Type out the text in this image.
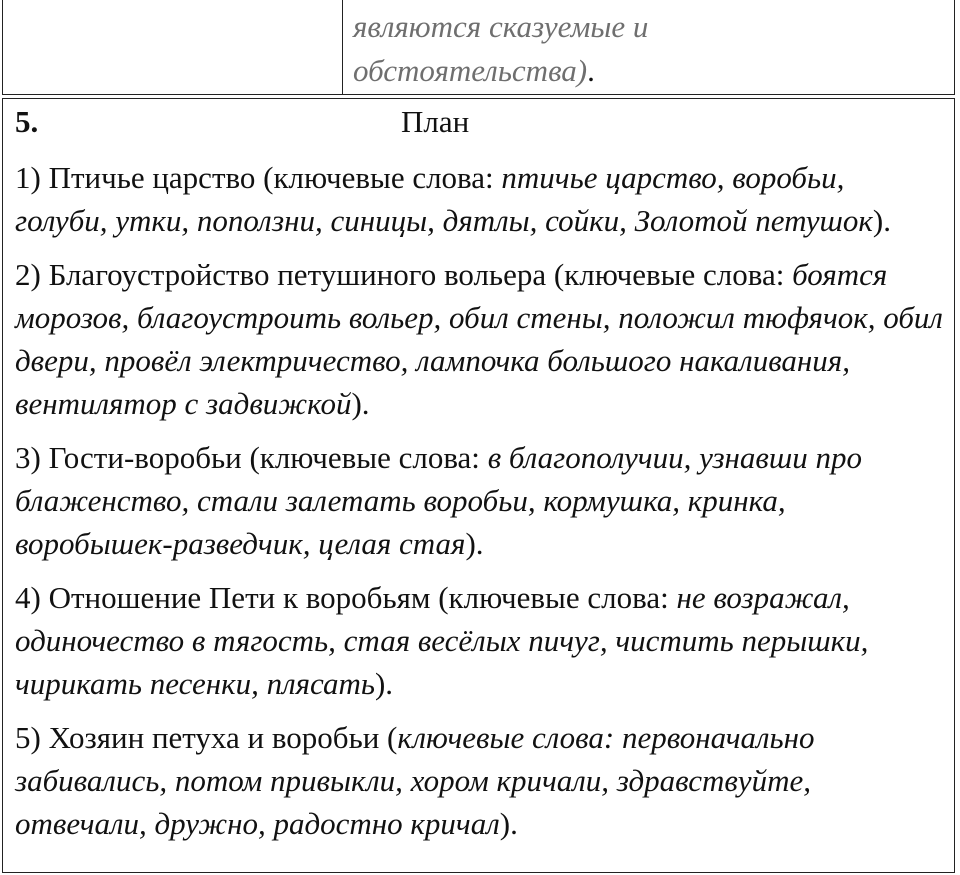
являются сказуемые и
обстоятельства).
5.	План
1) Птичье царство (ключевые слова: птичье царство, воробьи, голуби, утки, поползни, синицы, дятлы, сойки, Золотой петушок).
2) Благоустройство петушиного вольера (ключевые слова: боятся морозов, благоустроить вольер, обил стены, положил тюфячок, обил двери, провёл электричество, лампочка большого накаливания, вентилятор с задвижкой).
3) Гости-воробьи (ключевые слова: в благополучии, узнавши про блаженство, стали залетать воробьи, кормушка, кринка, воробышек-разведчик, целая стая).
4) Отношение Пети к воробьям (ключевые слова: не возражал, одиночество в тягость, стая весёлых пичуг, чистить перышки, чирикать песенки, плясать).
5) Хозяин петуха и воробьи (ключевые слова: первоначально забивались, потом привыкли, хором кричали, здравствуйте, отвечали, дружно, радостно кричал).
